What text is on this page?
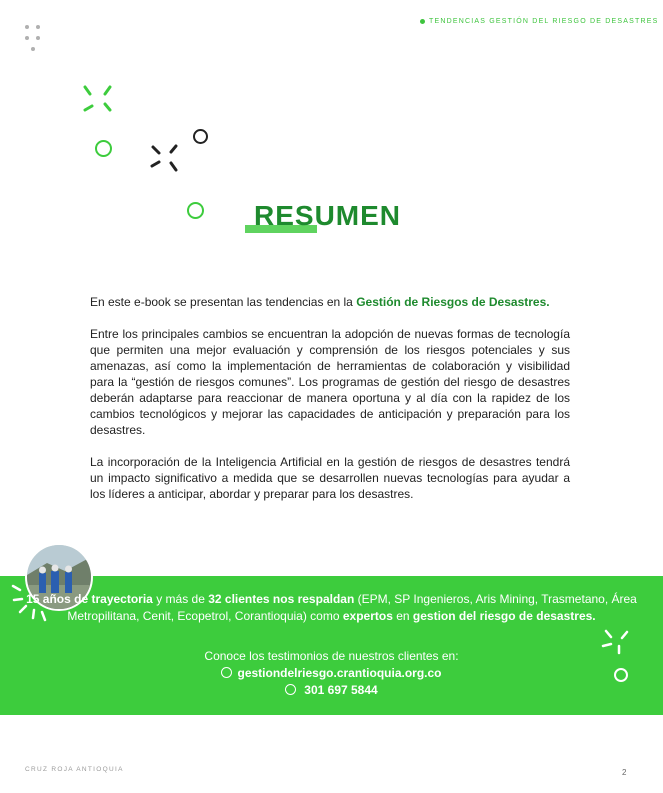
TENDENCIAS GESTIÓN DEL RIESGO DE DESASTRES
RESUMEN

En este e-book se presentan las tendencias en la Gestión de Riesgos de Desastres.

Entre los principales cambios se encuentran la adopción de nuevas formas de tecnología que permiten una mejor evaluación y comprensión de los riesgos potenciales y sus amenazas, así como la implementación de herramientas de colaboración y visibilidad para la “gestión de riesgos comunes”. Los programas de gestión del riesgo de desastres deberán adaptarse para reaccionar de manera oportuna y al día con la rapidez de los cambios tecnológicos y mejorar las capacidades de anticipación y preparación para los desastres.

La incorporación de la Inteligencia Artificial en la gestión de riesgos de desastres tendrá un impacto significativo a medida que se desarrollen nuevas tecnologías para ayudar a los líderes a anticipar, abordar y preparar para los desastres.

15 años de trayectoria y más de 32 clientes nos respaldan (EPM, SP Ingenieros, Aris Mining, Trasmetano, Área Metropilitana, Cenit, Ecopetrol, Corantioquia) como expertos en gestion del riesgo de desastres.
Conoce los testimonios de nuestros clientes en:
gestiondelriesgo.crantioquia.org.co
301 697 5844
CRUZ ROJA ANTIOQUIA	2
